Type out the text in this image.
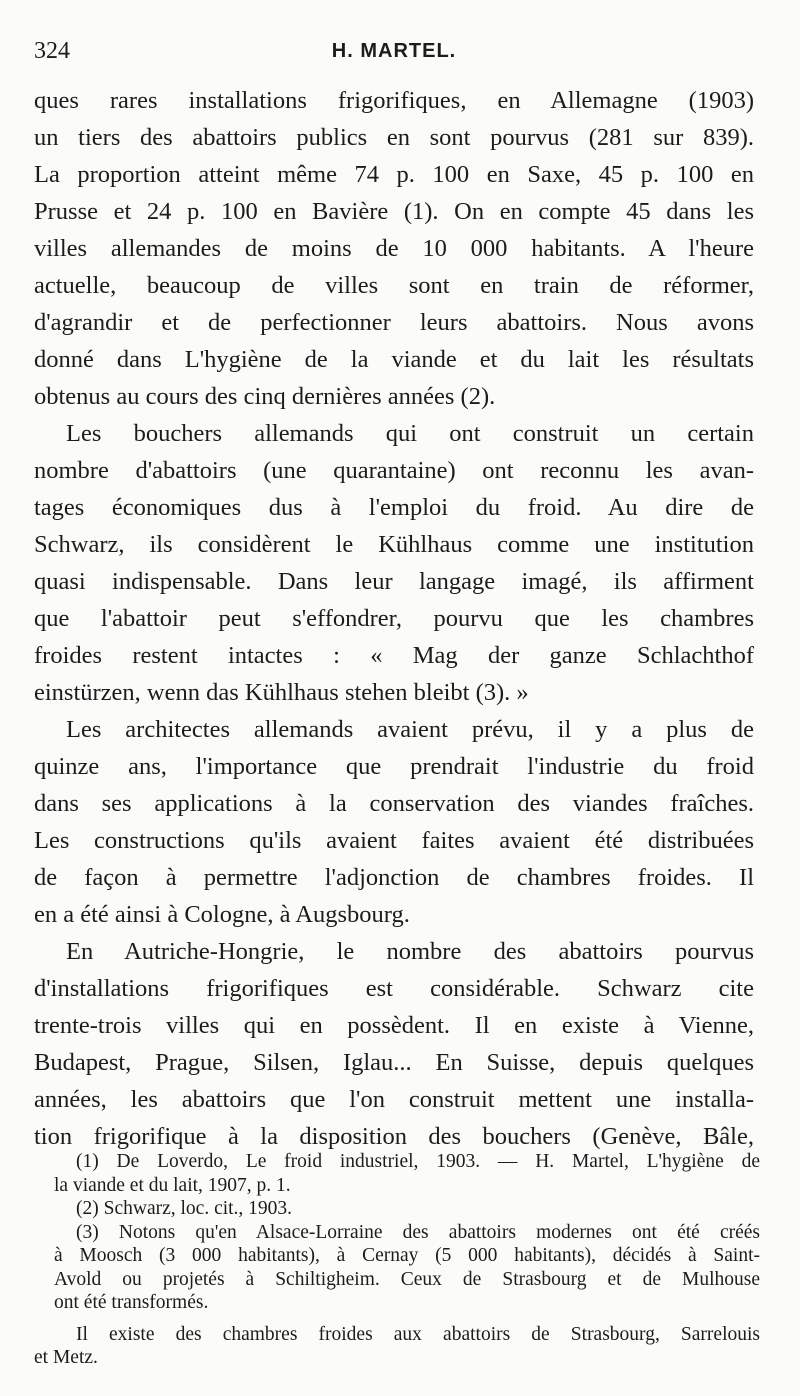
324	H. MARTEL.
ques rares installations frigorifiques, en Allemagne (1903)
un tiers des abattoirs publics en sont pourvus (281 sur 839).
La proportion atteint même 74 p. 100 en Saxe, 45 p. 100 en
Prusse et 24 p. 100 en Bavière (1). On en compte 45 dans les
villes allemandes de moins de 10 000 habitants. A l'heure
actuelle, beaucoup de villes sont en train de réformer,
d'agrandir et de perfectionner leurs abattoirs. Nous avons
donné dans L'hygiène de la viande et du lait les résultats
obtenus au cours des cinq dernières années (2).
Les bouchers allemands qui ont construit un certain
nombre d'abattoirs (une quarantaine) ont reconnu les avan-
tages économiques dus à l'emploi du froid. Au dire de
Schwarz, ils considèrent le Kühlhaus comme une institution
quasi indispensable. Dans leur langage imagé, ils affirment
que l'abattoir peut s'effondrer, pourvu que les chambres
froides restent intactes : « Mag der ganze Schlachthof
einstürzen, wenn das Kühlhaus stehen bleibt (3). »
Les architectes allemands avaient prévu, il y a plus de
quinze ans, l'importance que prendrait l'industrie du froid
dans ses applications à la conservation des viandes fraîches.
Les constructions qu'ils avaient faites avaient été distribuées
de façon à permettre l'adjonction de chambres froides. Il
en a été ainsi à Cologne, à Augsbourg.
En Autriche-Hongrie, le nombre des abattoirs pourvus
d'installations frigorifiques est considérable. Schwarz cite
trente-trois villes qui en possèdent. Il en existe à Vienne,
Budapest, Prague, Silsen, Iglau... En Suisse, depuis quelques
années, les abattoirs que l'on construit mettent une installa-
tion frigorifique à la disposition des bouchers (Genève, Bâle,
(1) De Loverdo, Le froid industriel, 1903. — H. Martel, L'hygiène de
la viande et du lait, 1907, p. 1.
(2) Schwarz, loc. cit., 1903.
(3) Notons qu'en Alsace-Lorraine des abattoirs modernes ont été créés
à Moosch (3 000 habitants), à Cernay (5 000 habitants), décidés à Saint-
Avold ou projetés à Schiltigheim. Ceux de Strasbourg et de Mulhouse
ont été transformés.
Il existe des chambres froides aux abattoirs de Strasbourg, Sarrelouis
et Metz.
